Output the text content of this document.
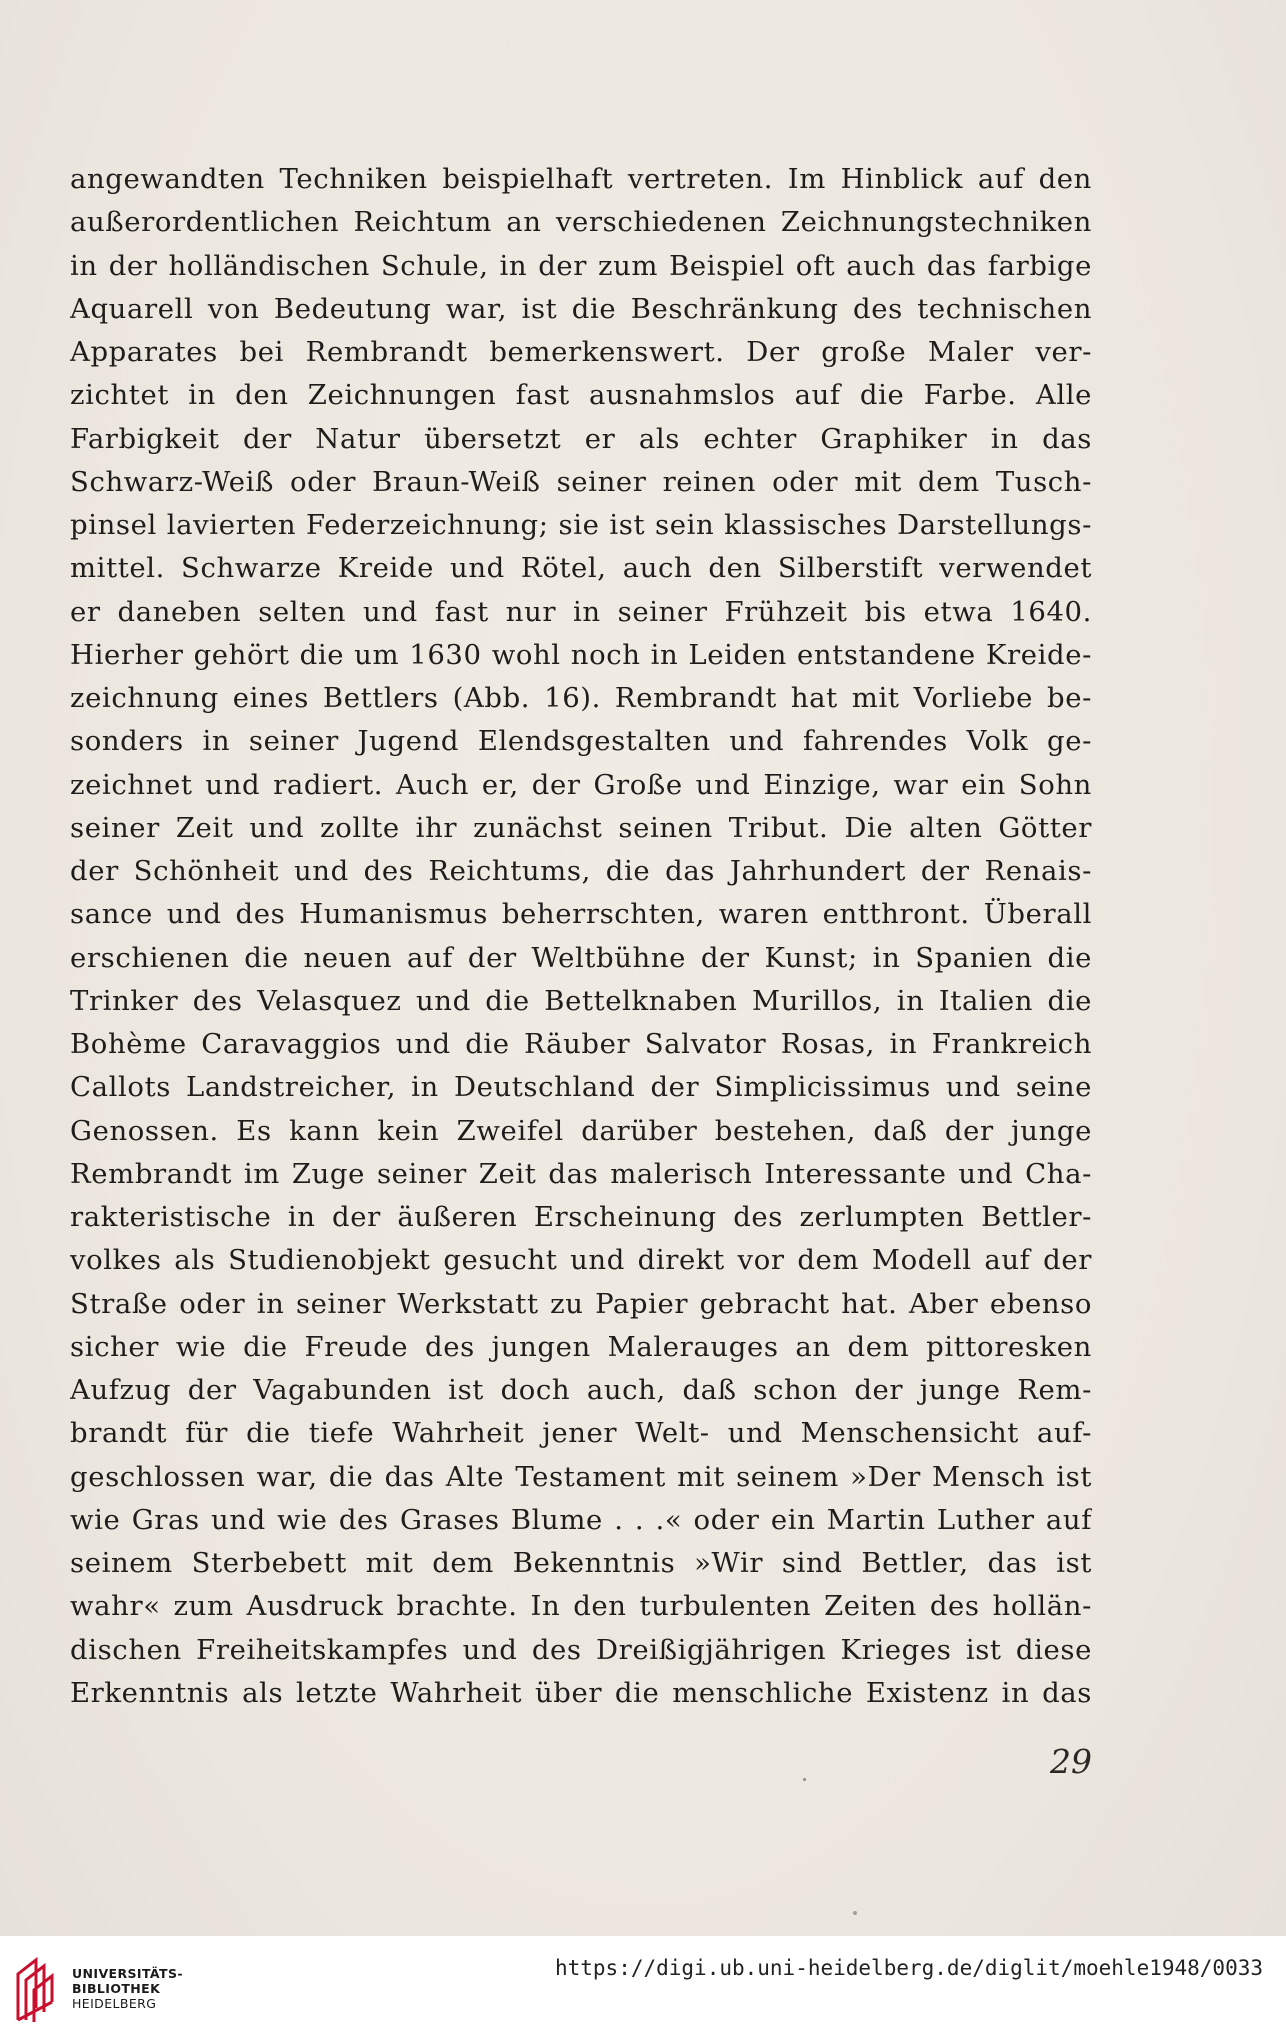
angewandten Techniken beispielhaft vertreten. Im Hinblick auf den
außerordentlichen Reichtum an verschiedenen Zeichnungstechniken
in der holländischen Schule, in der zum Beispiel oft auch das farbige
Aquarell von Bedeutung war, ist die Beschränkung des technischen
Apparates bei Rembrandt bemerkenswert. Der große Maler ver-
zichtet in den Zeichnungen fast ausnahmslos auf die Farbe. Alle
Farbigkeit der Natur übersetzt er als echter Graphiker in das
Schwarz-Weiß oder Braun-Weiß seiner reinen oder mit dem Tusch-
pinsel lavierten Federzeichnung; sie ist sein klassisches Darstellungs-
mittel. Schwarze Kreide und Rötel, auch den Silberstift verwendet
er daneben selten und fast nur in seiner Frühzeit bis etwa 1640.
Hierher gehört die um 1630 wohl noch in Leiden entstandene Kreide-
zeichnung eines Bettlers (Abb. 16). Rembrandt hat mit Vorliebe be-
sonders in seiner Jugend Elendsgestalten und fahrendes Volk ge-
zeichnet und radiert. Auch er, der Große und Einzige, war ein Sohn
seiner Zeit und zollte ihr zunächst seinen Tribut. Die alten Götter
der Schönheit und des Reichtums, die das Jahrhundert der Renais-
sance und des Humanismus beherrschten, waren entthront. Überall
erschienen die neuen auf der Weltbühne der Kunst; in Spanien die
Trinker des Velasquez und die Bettelknaben Murillos, in Italien die
Bohème Caravaggios und die Räuber Salvator Rosas, in Frankreich
Callots Landstreicher, in Deutschland der Simplicissimus und seine
Genossen. Es kann kein Zweifel darüber bestehen, daß der junge
Rembrandt im Zuge seiner Zeit das malerisch Interessante und Cha-
rakteristische in der äußeren Erscheinung des zerlumpten Bettler-
volkes als Studienobjekt gesucht und direkt vor dem Modell auf der
Straße oder in seiner Werkstatt zu Papier gebracht hat. Aber ebenso
sicher wie die Freude des jungen Malerauges an dem pittoresken
Aufzug der Vagabunden ist doch auch, daß schon der junge Rem-
brandt für die tiefe Wahrheit jener Welt- und Menschensicht auf-
geschlossen war, die das Alte Testament mit seinem »Der Mensch ist
wie Gras und wie des Grases Blume . . .« oder ein Martin Luther auf
seinem Sterbebett mit dem Bekenntnis »Wir sind Bettler, das ist
wahr« zum Ausdruck brachte. In den turbulenten Zeiten des hollän-
dischen Freiheitskampfes und des Dreißigjährigen Krieges ist diese
Erkenntnis als letzte Wahrheit über die menschliche Existenz in das
29
UNIVERSITÄTS-
BIBLIOTHEK
HEIDELBERG
https://digi.ub.uni-heidelberg.de/diglit/moehle1948/0033
